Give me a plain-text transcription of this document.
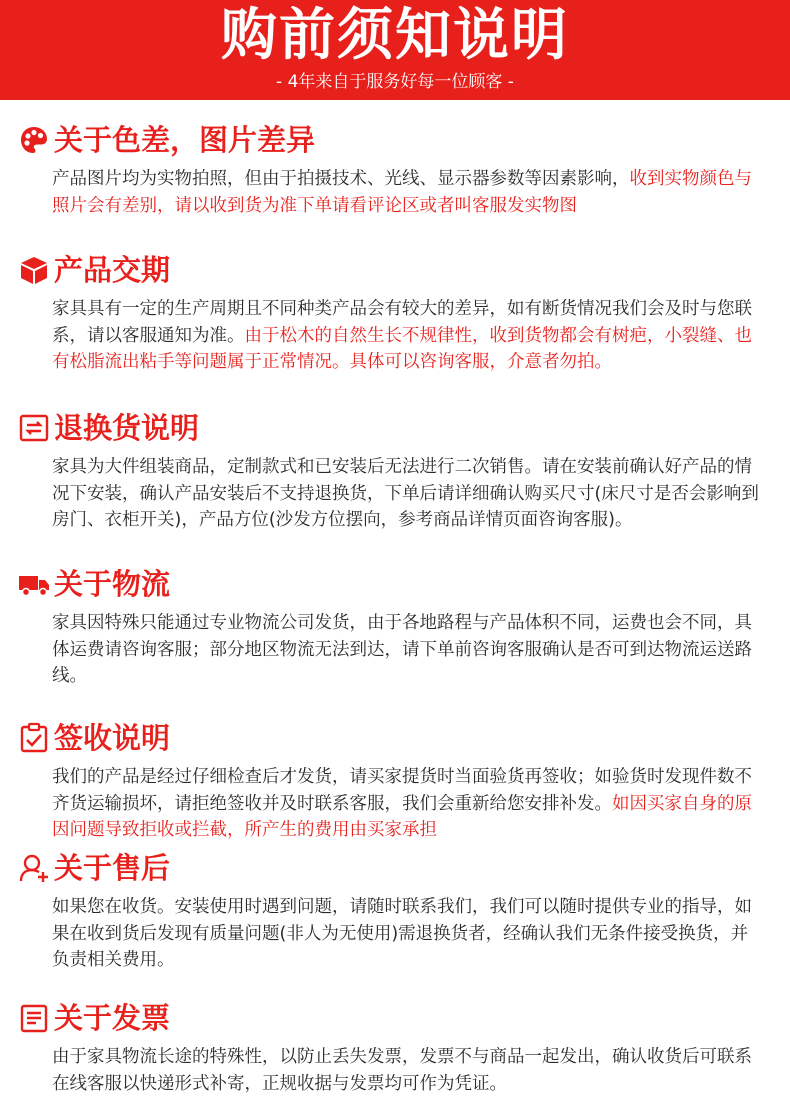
购前须知说明
- 4年来自于服务好每一位顾客 -
关于色差，图片差异
产品图片均为实物拍照，但由于拍摄技术、光线、显示器参数等因素影响，收到实物颜色与照片会有差别，请以收到货为准下单请看评论区或者叫客服发实物图
产品交期
家具具有一定的生产周期且不同种类产品会有较大的差异，如有断货情况我们会及时与您联系，请以客服通知为准。由于松木的自然生长不规律性，收到货物都会有树疤，小裂缝、也有松脂流出粘手等问题属于正常情况。具体可以咨询客服，介意者勿拍。
退换货说明
家具为大件组装商品，定制款式和已安装后无法进行二次销售。请在安装前确认好产品的情况下安装，确认产品安装后不支持退换货，下单后请详细确认购买尺寸(床尺寸是否会影响到房门、衣柜开关)，产品方位(沙发方位摆向，参考商品详情页面咨询客服)。
关于物流
家具因特殊只能通过专业物流公司发货，由于各地路程与产品体积不同，运费也会不同，具体运费请咨询客服；部分地区物流无法到达，请下单前咨询客服确认是否可到达物流运送路线。
签收说明
我们的产品是经过仔细检查后才发货，请买家提货时当面验货再签收；如验货时发现件数不齐货运输损坏，请拒绝签收并及时联系客服，我们会重新给您安排补发。如因买家自身的原因问题导致拒收或拦截，所产生的费用由买家承担
关于售后
如果您在收货。安装使用时遇到问题，请随时联系我们，我们可以随时提供专业的指导，如果在收到货后发现有质量问题(非人为无使用)需退换货者，经确认我们无条件接受换货，并负责相关费用。
关于发票
由于家具物流长途的特殊性，以防止丢失发票，发票不与商品一起发出，确认收货后可联系在线客服以快递形式补寄，正规收据与发票均可作为凭证。
